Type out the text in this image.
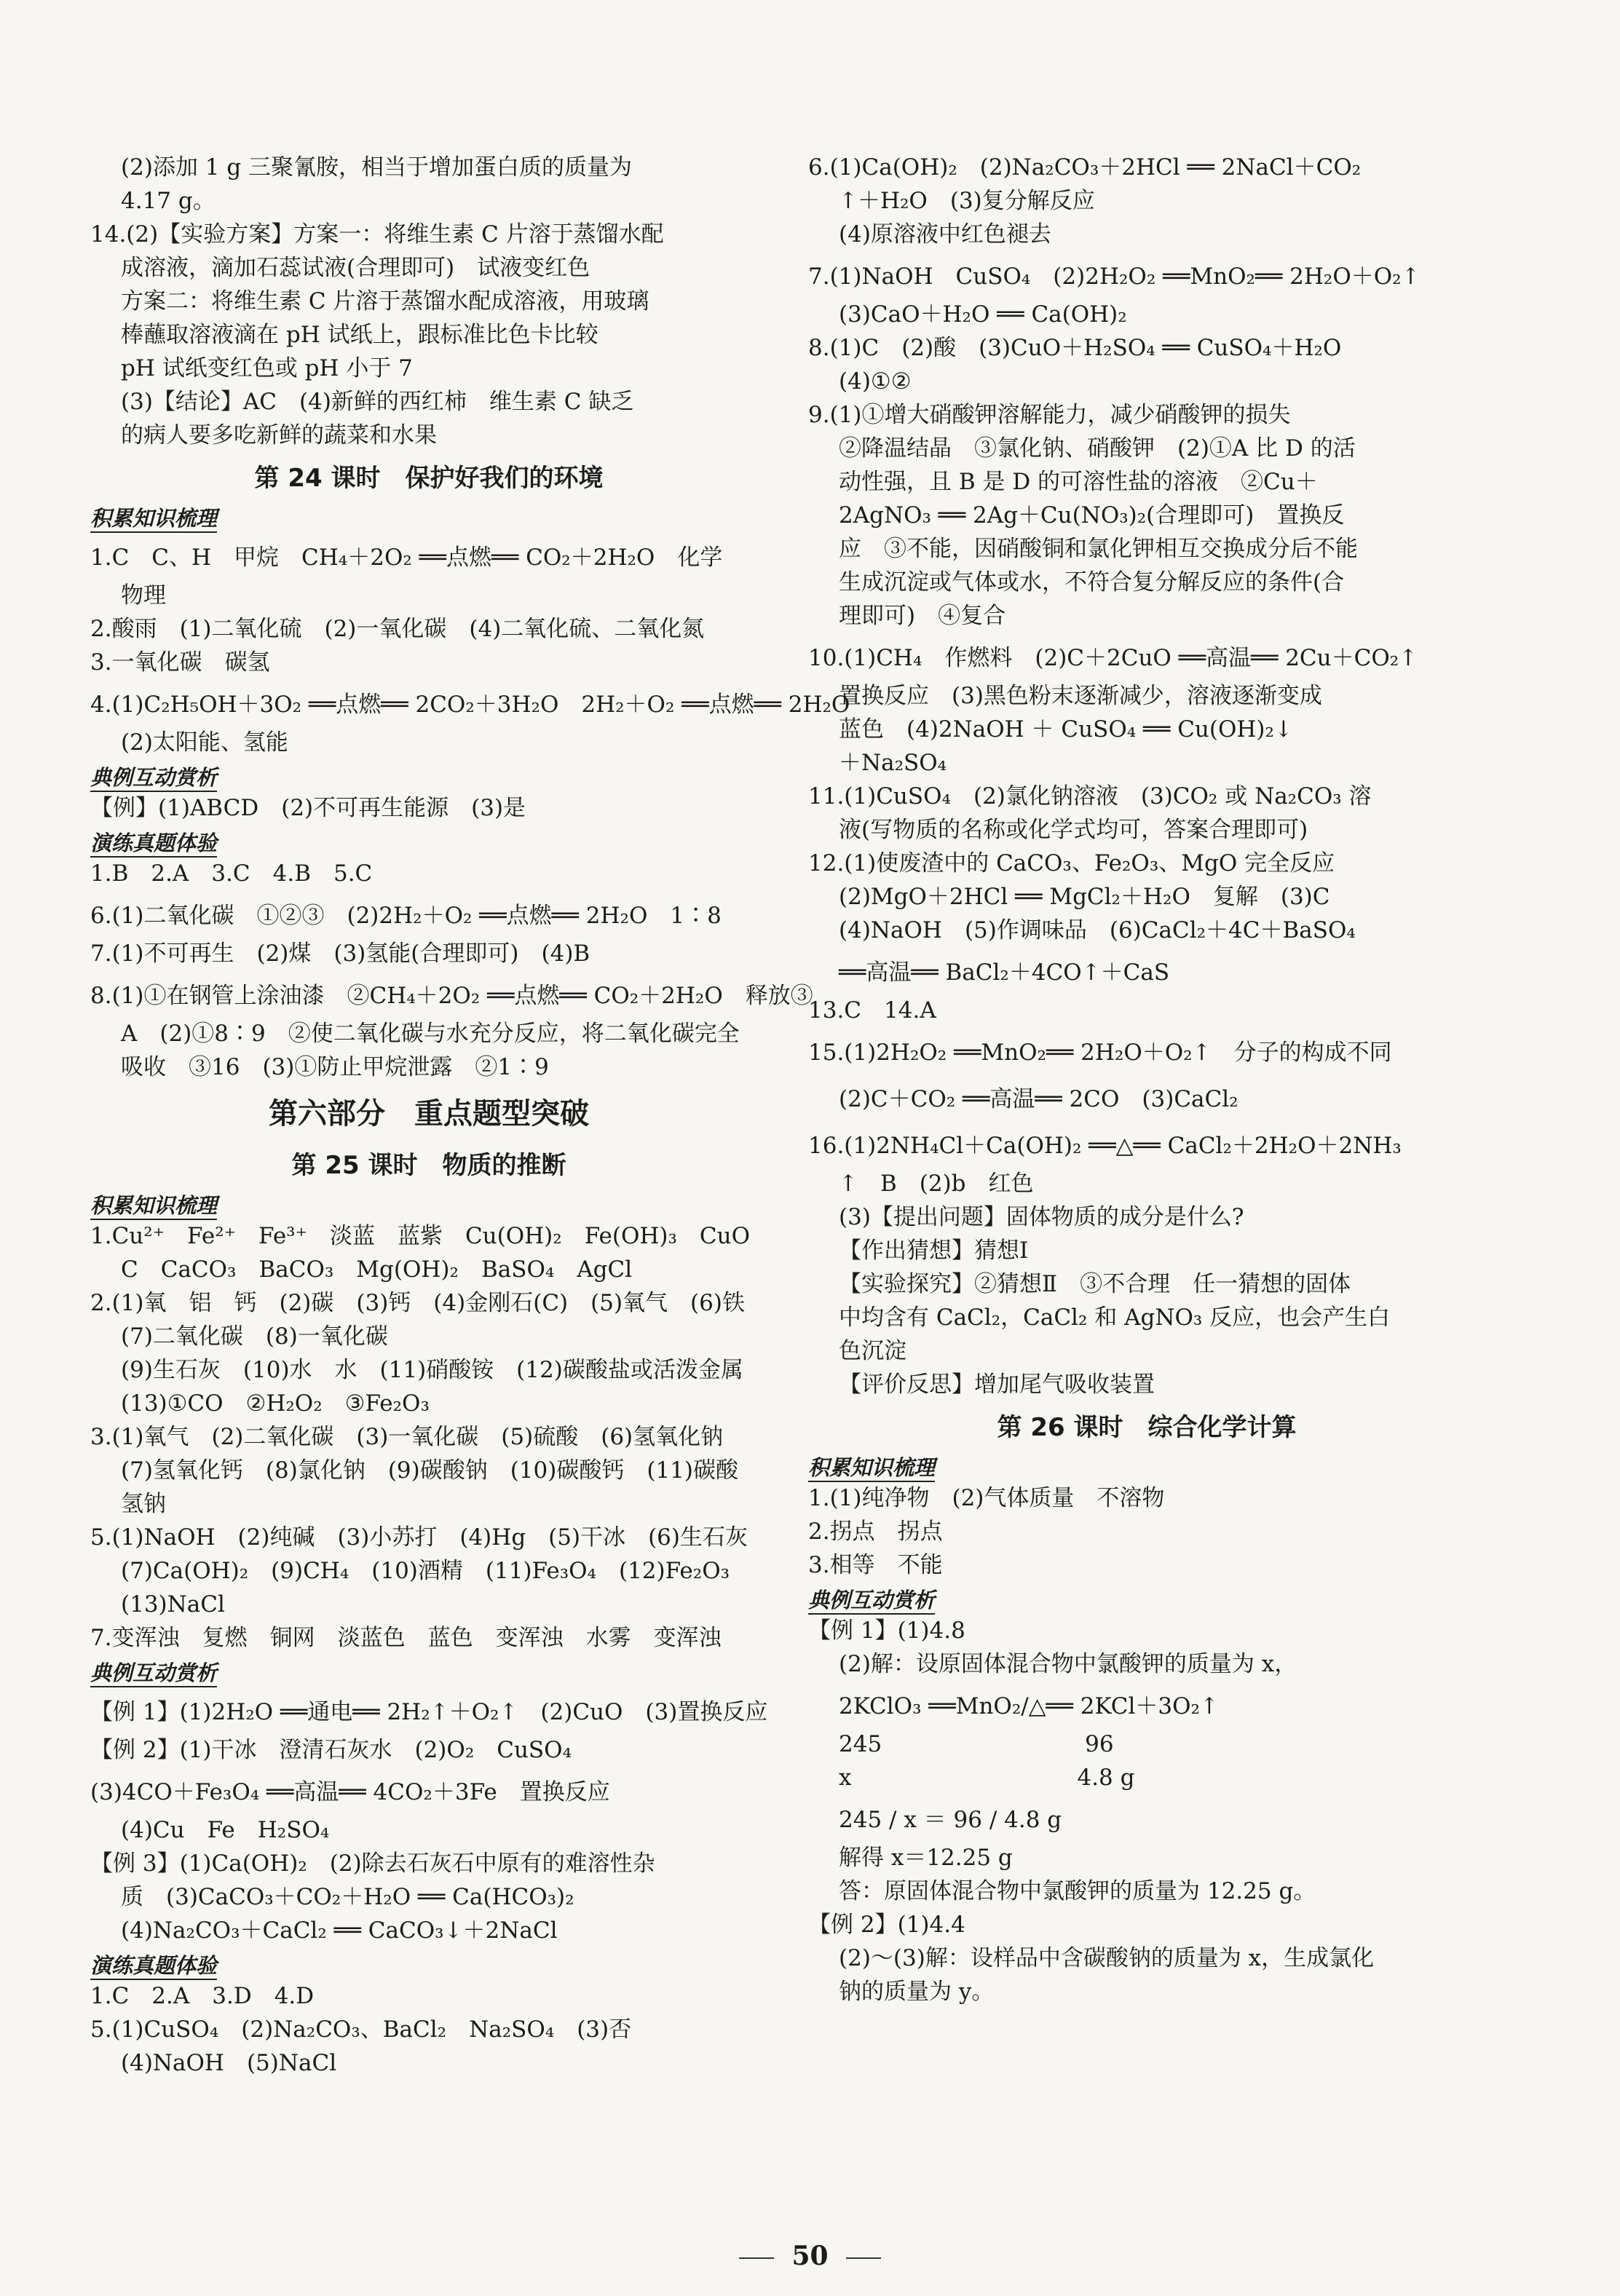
(2)添加 1 g 三聚氰胺，相当于增加蛋白质的质量为
4.17 g。
14.(2)【实验方案】方案一：将维生素 C 片溶于蒸馏水配
成溶液，滴加石蕊试液(合理即可)　试液变红色
方案二：将维生素 C 片溶于蒸馏水配成溶液，用玻璃
棒蘸取溶液滴在 pH 试纸上，跟标准比色卡比较
pH 试纸变红色或 pH 小于 7
(3)【结论】AC　(4)新鲜的西红柿　维生素 C 缺乏
的病人要多吃新鲜的蔬菜和水果
第 24 课时　保护好我们的环境
积累知识梳理
1.C　C、H　甲烷　CH₄＋2O₂ ══点燃══ CO₂＋2H₂O　化学
物理
2.酸雨　(1)二氧化硫　(2)一氧化碳　(4)二氧化硫、二氧化氮
3.一氧化碳　碳氢
4.(1)C₂H₅OH＋3O₂ ══点燃══ 2CO₂＋3H₂O　2H₂＋O₂ ══点燃══ 2H₂O
(2)太阳能、氢能
典例互动赏析
【例】(1)ABCD　(2)不可再生能源　(3)是
演练真题体验
1.B　2.A　3.C　4.B　5.C
6.(1)二氧化碳　①②③　(2)2H₂＋O₂ ══点燃══ 2H₂O　1∶8
7.(1)不可再生　(2)煤　(3)氢能(合理即可)　(4)B
8.(1)①在钢管上涂油漆　②CH₄＋2O₂ ══点燃══ CO₂＋2H₂O　释放③
A　(2)①8∶9　②使二氧化碳与水充分反应，将二氧化碳完全
吸收　③16　(3)①防止甲烷泄露　②1∶9
第六部分　重点题型突破
第 25 课时　物质的推断
积累知识梳理
1.Cu²⁺　Fe²⁺　Fe³⁺　淡蓝　蓝紫　Cu(OH)₂　Fe(OH)₃　CuO
C　CaCO₃　BaCO₃　Mg(OH)₂　BaSO₄　AgCl
2.(1)氧　铝　钙　(2)碳　(3)钙　(4)金刚石(C)　(5)氧气　(6)铁
(7)二氧化碳　(8)一氧化碳
(9)生石灰　(10)水　水　(11)硝酸铵　(12)碳酸盐或活泼金属
(13)①CO　②H₂O₂　③Fe₂O₃
3.(1)氧气　(2)二氧化碳　(3)一氧化碳　(5)硫酸　(6)氢氧化钠
(7)氢氧化钙　(8)氯化钠　(9)碳酸钠　(10)碳酸钙　(11)碳酸
氢钠
5.(1)NaOH　(2)纯碱　(3)小苏打　(4)Hg　(5)干冰　(6)生石灰
(7)Ca(OH)₂　(9)CH₄　(10)酒精　(11)Fe₃O₄　(12)Fe₂O₃
(13)NaCl
7.变浑浊　复燃　铜网　淡蓝色　蓝色　变浑浊　水雾　变浑浊
典例互动赏析
【例 1】(1)2H₂O ══通电══ 2H₂↑＋O₂↑　(2)CuO　(3)置换反应
【例 2】(1)干冰　澄清石灰水　(2)O₂　CuSO₄
(3)4CO＋Fe₃O₄ ══高温══ 4CO₂＋3Fe　置换反应
(4)Cu　Fe　H₂SO₄
【例 3】(1)Ca(OH)₂　(2)除去石灰石中原有的难溶性杂
质　(3)CaCO₃＋CO₂＋H₂O ══ Ca(HCO₃)₂
(4)Na₂CO₃＋CaCl₂ ══ CaCO₃↓＋2NaCl
演练真题体验
1.C　2.A　3.D　4.D
5.(1)CuSO₄　(2)Na₂CO₃、BaCl₂　Na₂SO₄　(3)否
(4)NaOH　(5)NaCl
6.(1)Ca(OH)₂　(2)Na₂CO₃＋2HCl ══ 2NaCl＋CO₂
↑＋H₂O　(3)复分解反应
(4)原溶液中红色褪去
7.(1)NaOH　CuSO₄　(2)2H₂O₂ ══MnO₂══ 2H₂O＋O₂↑
(3)CaO＋H₂O ══ Ca(OH)₂
8.(1)C　(2)酸　(3)CuO＋H₂SO₄ ══ CuSO₄＋H₂O
(4)①②
9.(1)①增大硝酸钾溶解能力，减少硝酸钾的损失
②降温结晶　③氯化钠、硝酸钾　(2)①A 比 D 的活
动性强，且 B 是 D 的可溶性盐的溶液　②Cu＋
2AgNO₃ ══ 2Ag＋Cu(NO₃)₂(合理即可)　置换反
应　③不能，因硝酸铜和氯化钾相互交换成分后不能
生成沉淀或气体或水，不符合复分解反应的条件(合
理即可)　④复合
10.(1)CH₄　作燃料　(2)C＋2CuO ══高温══ 2Cu＋CO₂↑
置换反应　(3)黑色粉末逐渐减少，溶液逐渐变成
蓝色　(4)2NaOH ＋ CuSO₄ ══ Cu(OH)₂↓
＋Na₂SO₄
11.(1)CuSO₄　(2)氯化钠溶液　(3)CO₂ 或 Na₂CO₃ 溶
液(写物质的名称或化学式均可，答案合理即可)
12.(1)使废渣中的 CaCO₃、Fe₂O₃、MgO 完全反应
(2)MgO＋2HCl ══ MgCl₂＋H₂O　复解　(3)C
(4)NaOH　(5)作调味品　(6)CaCl₂＋4C＋BaSO₄
══高温══ BaCl₂＋4CO↑＋CaS
13.C　14.A
15.(1)2H₂O₂ ══MnO₂══ 2H₂O＋O₂↑　分子的构成不同
(2)C＋CO₂ ══高温══ 2CO　(3)CaCl₂
16.(1)2NH₄Cl＋Ca(OH)₂ ══△══ CaCl₂＋2H₂O＋2NH₃
↑　B　(2)b　红色
(3)【提出问题】固体物质的成分是什么?
【作出猜想】猜想Ⅰ
【实验探究】②猜想Ⅱ　③不合理　任一猜想的固体
中均含有 CaCl₂，CaCl₂ 和 AgNO₃ 反应，也会产生白
色沉淀
【评价反思】增加尾气吸收装置
第 26 课时　综合化学计算
积累知识梳理
1.(1)纯净物　(2)气体质量　不溶物
2.拐点　拐点
3.相等　不能
典例互动赏析
【例 1】(1)4.8
(2)解：设原固体混合物中氯酸钾的质量为 x，
2KClO₃ ══MnO₂/△══ 2KCl＋3O₂↑
245　　　　　　　　　96
x　　　　　　　　　　4.8 g
245 / x ＝ 96 / 4.8 g
解得 x＝12.25 g
答：原固体混合物中氯酸钾的质量为 12.25 g。
【例 2】(1)4.4
(2)～(3)解：设样品中含碳酸钠的质量为 x，生成氯化
钠的质量为 y。
50
